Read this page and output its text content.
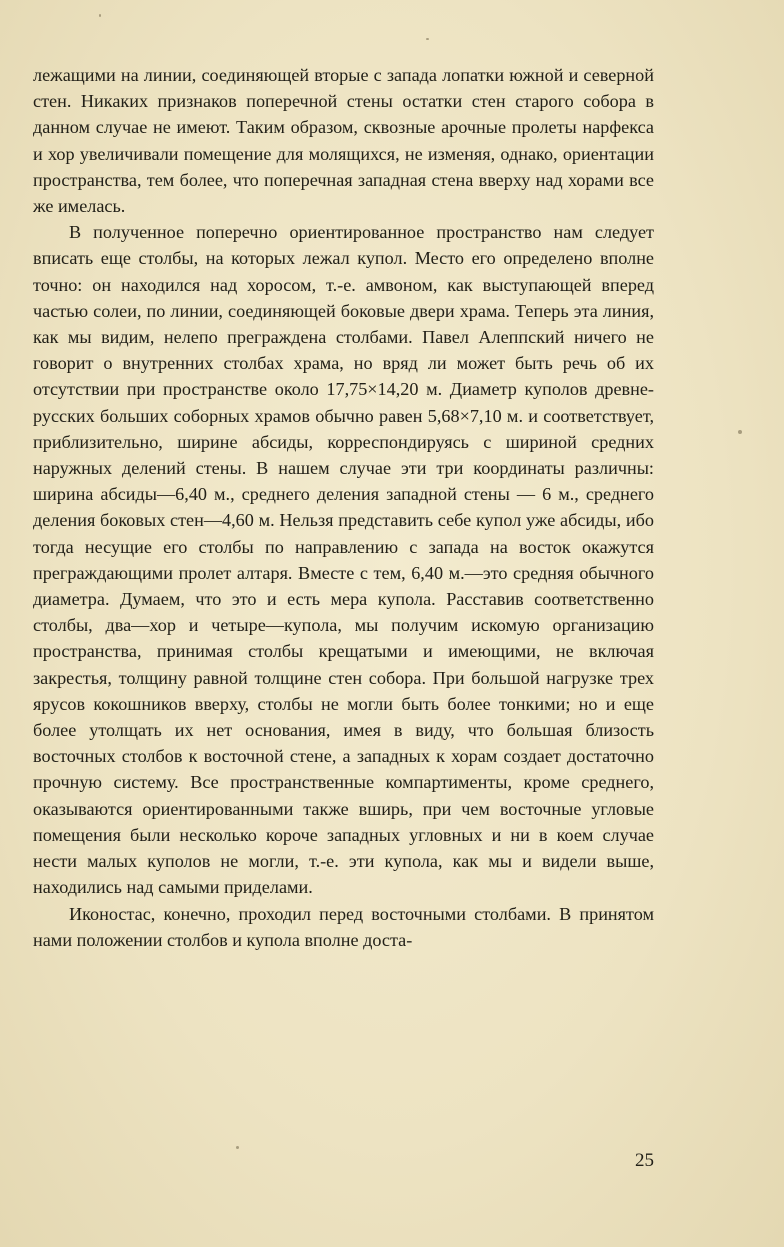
лежащими на линии, соединяющей вторые с запада лопатки южной и северной стен. Никаких признаков поперечной стены остатки стен старого собора в данном случае не имеют. Таким образом, сквозные арочные пролеты нарфекса и хор увеличивали помещение для молящихся, не изменяя, однако, ориентации пространства, тем более, что поперечная западная стена вверху над хорами все же имелась.

В полученное поперечно ориентированное пространство нам следует вписать еще столбы, на которых лежал купол. Место его определено вполне точно: он находился над хоросом, т.-е. амвоном, как выступающей вперед частью солеи, по линии, соединяющей боковые двери храма. Теперь эта линия, как мы видим, нелепо преграждена столбами. Павел Алеппский ничего не говорит о внутренних столбах храма, но вряд ли может быть речь об их отсутствии при пространстве около 17,75×14,20 м. Диаметр куполов древне-русских больших соборных храмов обычно равен 5,68×7,10 м. и соответствует, приблизительно, ширине абсиды, корреспондируясь с шириной средних наружных делений стены. В нашем случае эти три координаты различны: ширина абсиды—6,40 м., среднего деления западной стены — 6 м., среднего деления боковых стен—4,60 м. Нельзя представить себе купол уже абсиды, ибо тогда несущие его столбы по направлению с запада на восток окажутся преграждающими пролет алтаря. Вместе с тем, 6,40 м.—это средняя обычного диаметра. Думаем, что это и есть мера купола. Расставив соответственно столбы, два—хор и четыре—купола, мы получим искомую организацию пространства, принимая столбы крещатыми и имеющими, не включая закрестья, толщину равной толщине стен собора. При большой нагрузке трех ярусов кокошников вверху, столбы не могли быть более тонкими; но и еще более утолщать их нет основания, имея в виду, что большая близость восточных столбов к восточной стене, а западных к хорам создает достаточно прочную систему. Все пространственные компартименты, кроме среднего, оказываются ориентированными также вширь, при чем восточные угловые помещения были несколько короче западных угловных и ни в коем случае нести малых куполов не могли, т.-е. эти купола, как мы и видели выше, находились над самыми приделами.

Иконостас, конечно, проходил перед восточными столбами. В принятом нами положении столбов и купола вполне доста-

25
